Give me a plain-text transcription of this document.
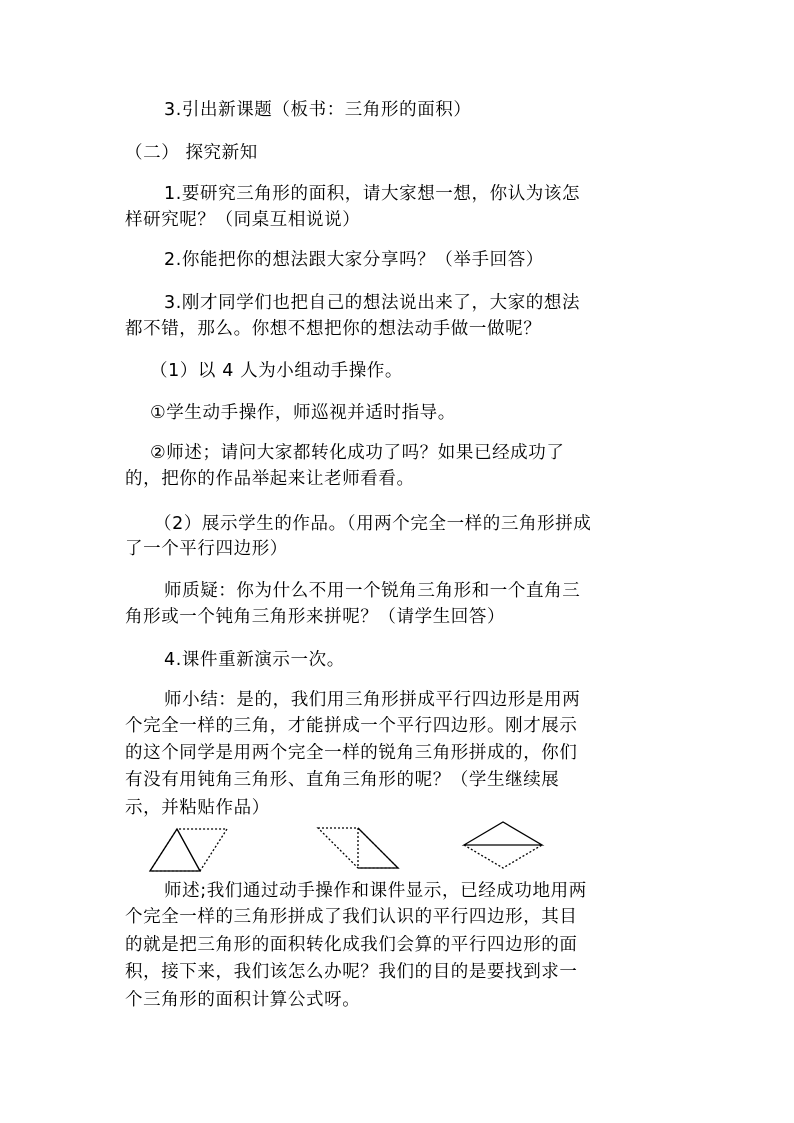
3.引出新课题（板书：三角形的面积）
（二） 探究新知
1.要研究三角形的面积，请大家想一想，你认为该怎
样研究呢？（同桌互相说说）
2.你能把你的想法跟大家分享吗？（举手回答）
3.刚才同学们也把自己的想法说出来了，大家的想法
都不错，那么。你想不想把你的想法动手做一做呢？
（1）以 4 人为小组动手操作。
①学生动手操作，师巡视并适时指导。
②师述；请问大家都转化成功了吗？如果已经成功了
的，把你的作品举起来让老师看看。
（2）展示学生的作品。（用两个完全一样的三角形拼成
了一个平行四边形）
师质疑：你为什么不用一个锐角三角形和一个直角三
角形或一个钝角三角形来拼呢？（请学生回答）
4.课件重新演示一次。
师小结：是的，我们用三角形拼成平行四边形是用两
个完全一样的三角，才能拼成一个平行四边形。刚才展示
的这个同学是用两个完全一样的锐角三角形拼成的，你们
有没有用钝角三角形、直角三角形的呢？（学生继续展
示，并粘贴作品）
师述;我们通过动手操作和课件显示，已经成功地用两
个完全一样的三角形拼成了我们认识的平行四边形，其目
的就是把三角形的面积转化成我们会算的平行四边形的面
积，接下来，我们该怎么办呢？我们的目的是要找到求一
个三角形的面积计算公式呀。
